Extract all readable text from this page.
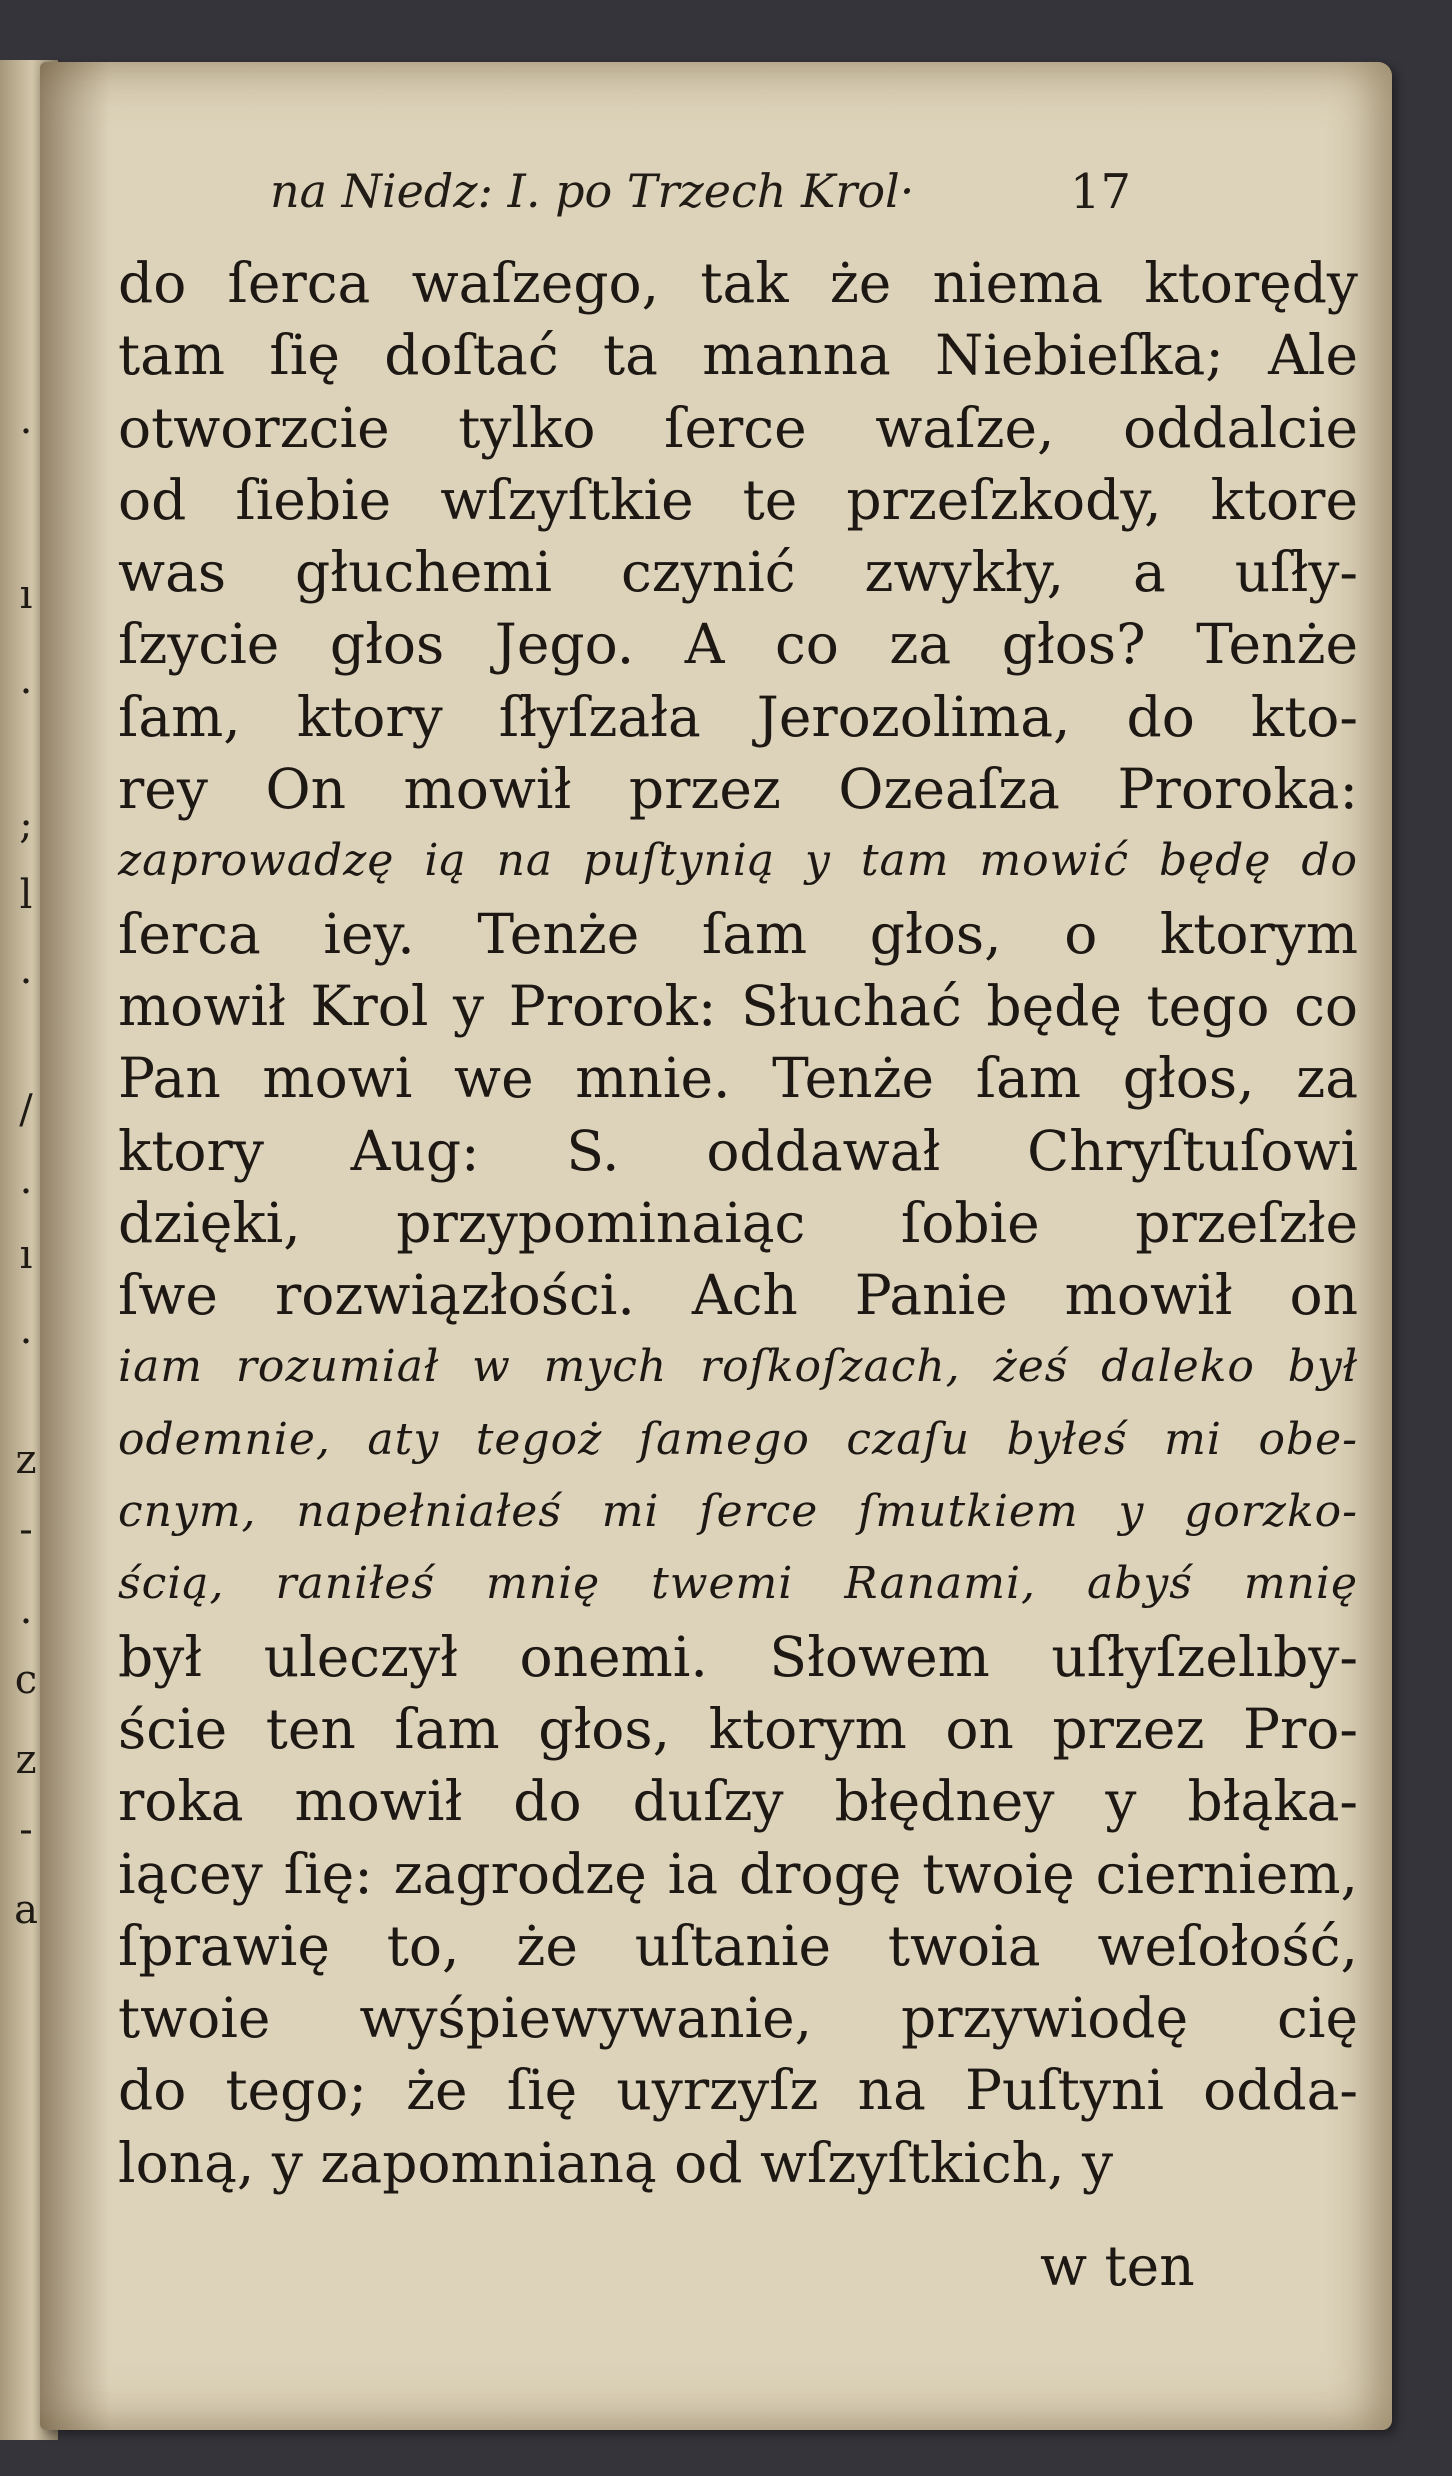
.
ı
.
;
l
.
/
.
ı
.
z
-
.
c
z
-
a
na Niedz: I. po Trzech Krol·	17
do ſerca waſzego, tak że niema ktorędy
tam ſię doſtać ta manna Niebieſka; Ale
otworzcie tylko ſerce waſze, oddalcie
od ſiebie wſzyſtkie te przeſzkody, ktore
was głuchemi czynić zwykły, a uſły-
ſzycie głos Jego. A co za głos? Tenże
ſam, ktory ſłyſzała Jerozolima, do kto-
rey On mowił przez Ozeaſza Proroka:
zaprowadzę ią na puſtynią y tam mowić będę do
ſerca iey. Tenże ſam głos, o ktorym
mowił Krol y Prorok: Słuchać będę tego co
Pan mowi we mnie. Tenże ſam głos, za
ktory Aug: S. oddawał Chryſtuſowi
dzięki, przypominaiąc ſobie przeſzłe
ſwe rozwiązłości. Ach Panie mowił on
iam rozumiał w mych roſkoſzach, żeś daleko był
odemnie, aty tegoż ſamego czaſu byłeś mi obe-
cnym, napełniałeś mi ſerce ſmutkiem y gorzko-
ścią, raniłeś mnię twemi Ranami, abyś mnię
był uleczył onemi. Słowem uſłyſzelıby-
ście ten ſam głos, ktorym on przez Pro-
roka mowił do duſzy błędney y błąka-
iącey ſię: zagrodzę ia drogę twoię cierniem,
ſprawię to, że uſtanie twoia weſołość,
twoie wyśpiewywanie, przywiodę cię
do tego; że ſię uyrzyſz na Puſtyni odda-
loną, y zapomnianą od wſzyſtkich, y
w ten
